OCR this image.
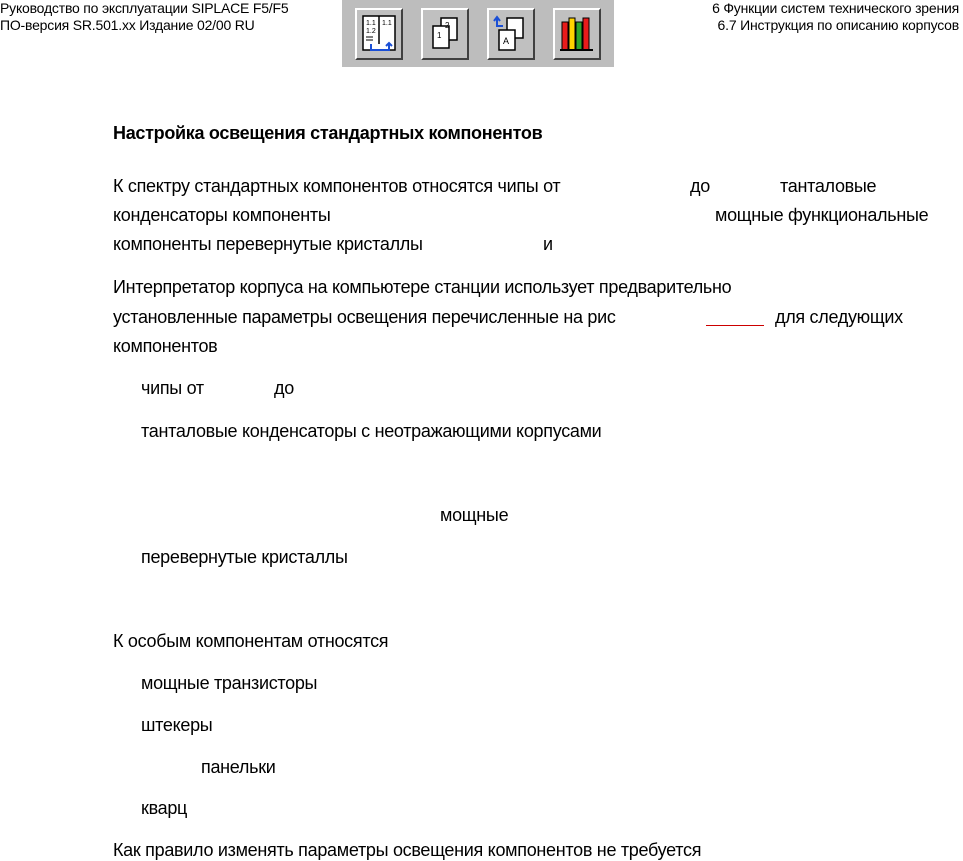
Руководство по эксплуатации SIPLACE F5/F5
ПО-версия SR.501.xx Издание 02/00 RU
6 Функции систем технического зрения
6.7 Инструкция по описанию корпусов
1.1
1.2
1.1	2
1
A
Настройка освещения стандартных компонентов
К спектру стандартных компонентов относятся чипы от	до	танталовые
конденсаторы компоненты	мощные функциональные
компоненты перевернутые кристаллы	и
Интерпретатор корпуса на компьютере станции использует предварительно
установленные параметры освещения перечисленные на рис	для следующих
компонентов
чипы от	до
танталовые конденсаторы с неотражающими корпусами
мощные
перевернутые кристаллы
К особым компонентам относятся
мощные транзисторы
штекеры
панельки
кварц
Как правило изменять параметры освещения компонентов не требуется
